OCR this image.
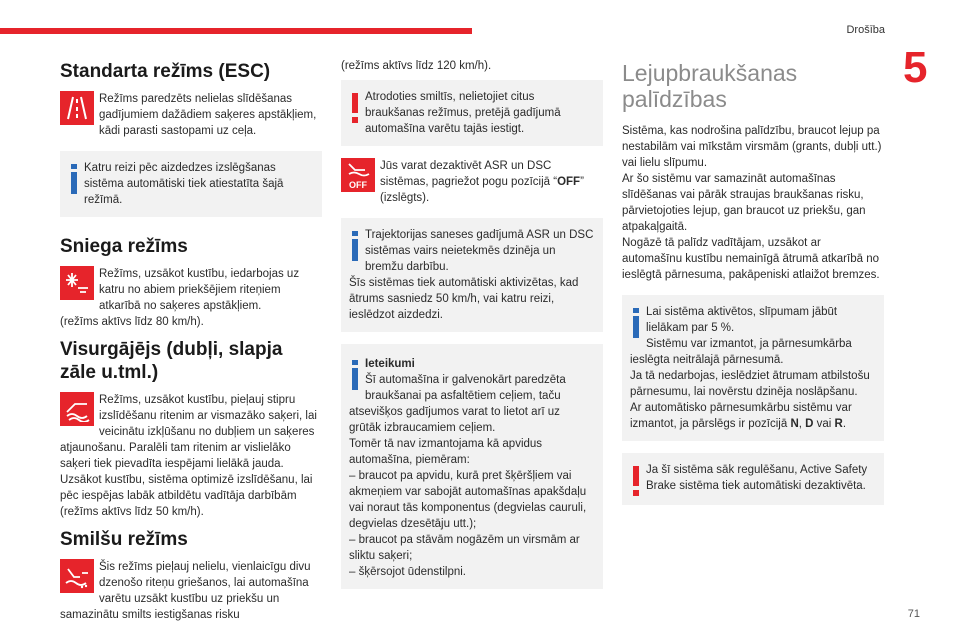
Drošība
5
71
Standarta režīms (ESC)

Režīms paredzēts nelielas slīdēšanas gadījumiem dažādiem saķeres apstākļiem, kādi parasti sastopami uz ceļa.

Katru reizi pēc aizdedzes izslēgšanas sistēma automātiski tiek atiestatīta šajā režīmā.

Sniega režīms

Režīms, uzsākot kustību, iedarbojas uz katru no abiem priekšējiem riteņiem atkarībā no saķeres apstākļiem.

(režīms aktīvs līdz 80 km/h).

Visurgājējs (dubļi, slapja zāle u.tml.)

Režīms, uzsākot kustību, pieļauj stipru izslīdēšanu ritenim ar vismazāko saķeri, lai veicinātu izkļūšanu no dubļiem un saķeres atjaunošanu. Paralēli tam ritenim ar vislielāko saķeri tiek pievadīta iespējami lielākā jauda. Uzsākot kustību, sistēma optimizē izslīdēšanu, lai pēc iespējas labāk atbildētu vadītāja darbībām

(režīms aktīvs līdz 50 km/h).

Smilšu režīms

Šis režīms pieļauj nelielu, vienlaicīgu divu dzenošo riteņu griešanos, lai automašīna varētu uzsākt kustību uz priekšu un samazinātu smilts iestigšanas risku

(režīms aktīvs līdz 120 km/h).

Atrodoties smiltīs, nelietojiet citus braukšanas režīmus, pretējā gadījumā automašīna varētu tajās iestigt.

OFF

Jūs varat dezaktivēt ASR un DSC sistēmas, pagriežot pogu pozīcijā “OFF” (izslēgts).

Trajektorijas saneses gadījumā ASR un DSC sistēmas vairs neietekmēs dzinēja un bremžu darbību.

Šīs sistēmas tiek automātiski aktivizētas, kad ātrums sasniedz 50 km/h, vai katru reizi, ieslēdzot aizdedzi.

Ieteikumi

Šī automašīna ir galvenokārt paredzēta braukšanai pa asfaltētiem ceļiem, taču atsevišķos gadījumos varat to lietot arī uz grūtāk izbraucamiem ceļiem.

Tomēr tā nav izmantojama kā apvidus automašīna, piemēram:

– braucot pa apvidu, kurā pret šķēršļiem vai akmeņiem var sabojāt automašīnas apakšdaļu vai noraut tās komponentus (degvielas cauruli, degvielas dzesētāju utt.);

– braucot pa stāvām nogāzēm un virsmām ar sliktu saķeri;

– šķērsojot ūdenstilpni.

Lejupbraukšanas palīdzības

Sistēma, kas nodrošina palīdzību, braucot lejup pa nestabilām vai mīkstām virsmām (grants, dubļi utt.) vai lielu slīpumu.
Ar šo sistēmu var samazināt automašīnas slīdēšanas vai pārāk straujas braukšanas risku, pārvietojoties lejup, gan braucot uz priekšu, gan atpakaļgaitā.
Nogāzē tā palīdz vadītājam, uzsākot ar automašīnu kustību nemainīgā ātrumā atkarībā no ieslēgtā pārnesuma, pakāpeniski atlaižot bremzes.

Lai sistēma aktivētos, slīpumam jābūt lielākam par 5 %.
Sistēmu var izmantot, ja pārnesumkārba ieslēgta neitrālajā pārnesumā.
Ja tā nedarbojas, ieslēdziet ātrumam atbilstošu pārnesumu, lai novērstu dzinēja noslāpšanu.
Ar automātisko pārnesumkārbu sistēmu var izmantot, ja pārslēgs ir pozīcijā N, D vai R.

Ja šī sistēma sāk regulēšanu, Active Safety Brake sistēma tiek automātiski dezaktivēta.
